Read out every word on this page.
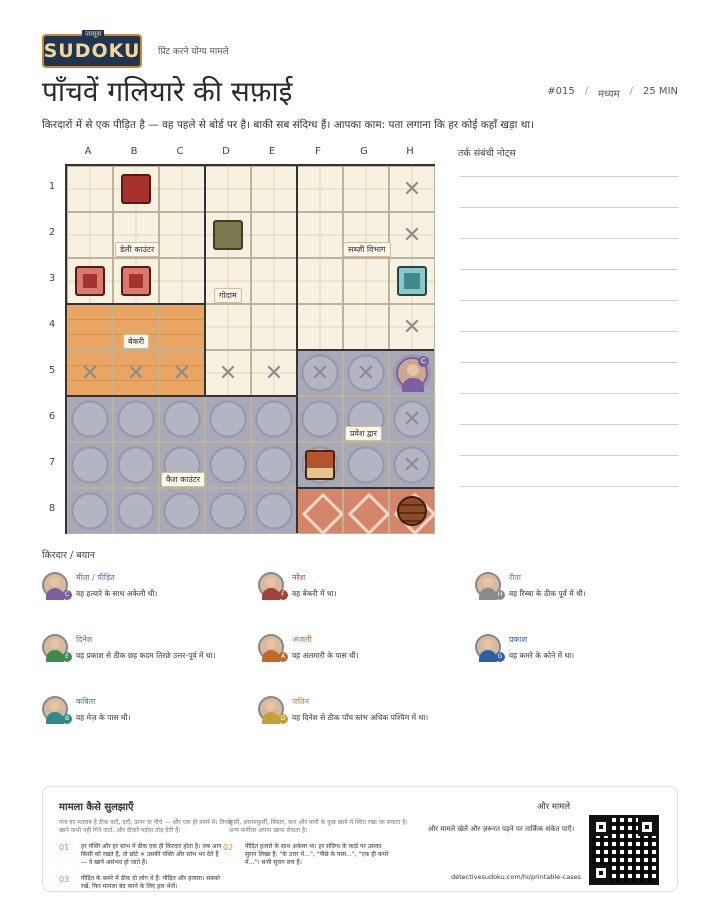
जासूस
SUDOKU प्रिंट करने योग्य मामले
पाँचवें गलियारे की सफ़ाई	#015 / मध्यम / 25 MIN
किरदारों में से एक पीड़ित है — वह पहले से बोर्ड पर है। बाकी सब संदिग्ध हैं। आपका काम: पता लगाना कि हर कोई कहाँ खड़ा था।
A	B	C	D	E	F	G	H
1
2
3
4
5
6
7
8
डेली काउंटर	सब्ज़ी विभाग
गोदाम
बेकरी
प्रवेश द्वार
कैश काउंटर
C
✕
✕
✕
✕	✕	✕	✕	✕	✕	✕
✕
✕
तर्क संबंधी नोट्स
किरदार / बयान
C
मीता / पीड़ित
वह हत्यारे के साथ अकेली थी।	F
नरेश
वह बेकरी में था।	H
रीता
वह रिब्बा के ठीक पूर्व में थी।
E
दिनेश
वह प्रकाश से ठीक छह कदम तिरछे उत्तर-पूर्व में था।	A
अंजली
वह अलमारी के पास थी।	G
प्रकाश
वह कमरे के कोने में था।
B
कविता
वह मेज़ के पास थी।	D
जतिन
वह दिनेश से ठीक पाँच स्तंभ अधिक पश्चिम में था।
मामला कैसे सुलझाएँ
पात्र का मतलब है ठीक बाएँ, दाएँ, ऊपर या नीचे — और एक ही कमरे में। तिरछे खाने कभी नहीं गिने जाते, और दीवारें पड़ोस तोड़ देती हैं।
कुर्सी, आरामकुर्सी, बिस्तर, कार और पानी के कुछ खाने में स्थित रखा जा सकता है। अन्य फ़र्नीचर अपना खाना रोकता है।
01 हर पंक्ति और हर स्तंभ में ठीक एक ही किरदार होता है। जब आप किसी को रखते हैं, तो छोटे ✕ उसकी पंक्ति और स्तंभ भर देते हैं — वे खाने असंभव हो जाते हैं।
02 पीड़ित हत्यारे के साथ अकेला था। हर संदिग्ध के कार्ड पर उसका सुराग लिखा है: "के उत्तर में…", "पीछे के पास…", "एक ही कमरे में…"। सभी सुराग सच हैं।
03 पीड़ित के कमरे में ठीक दो लोग थे हैं: पीड़ित और हत्यारा। सबको रखें, फिर मामला बंद करने के लिए हल भेजें।
और मामले
और मामले खेलें और ज़रूरत पड़ने पर तार्किक संकेत पाएँ।
detectivesudoku.com/hi/printable-cases
